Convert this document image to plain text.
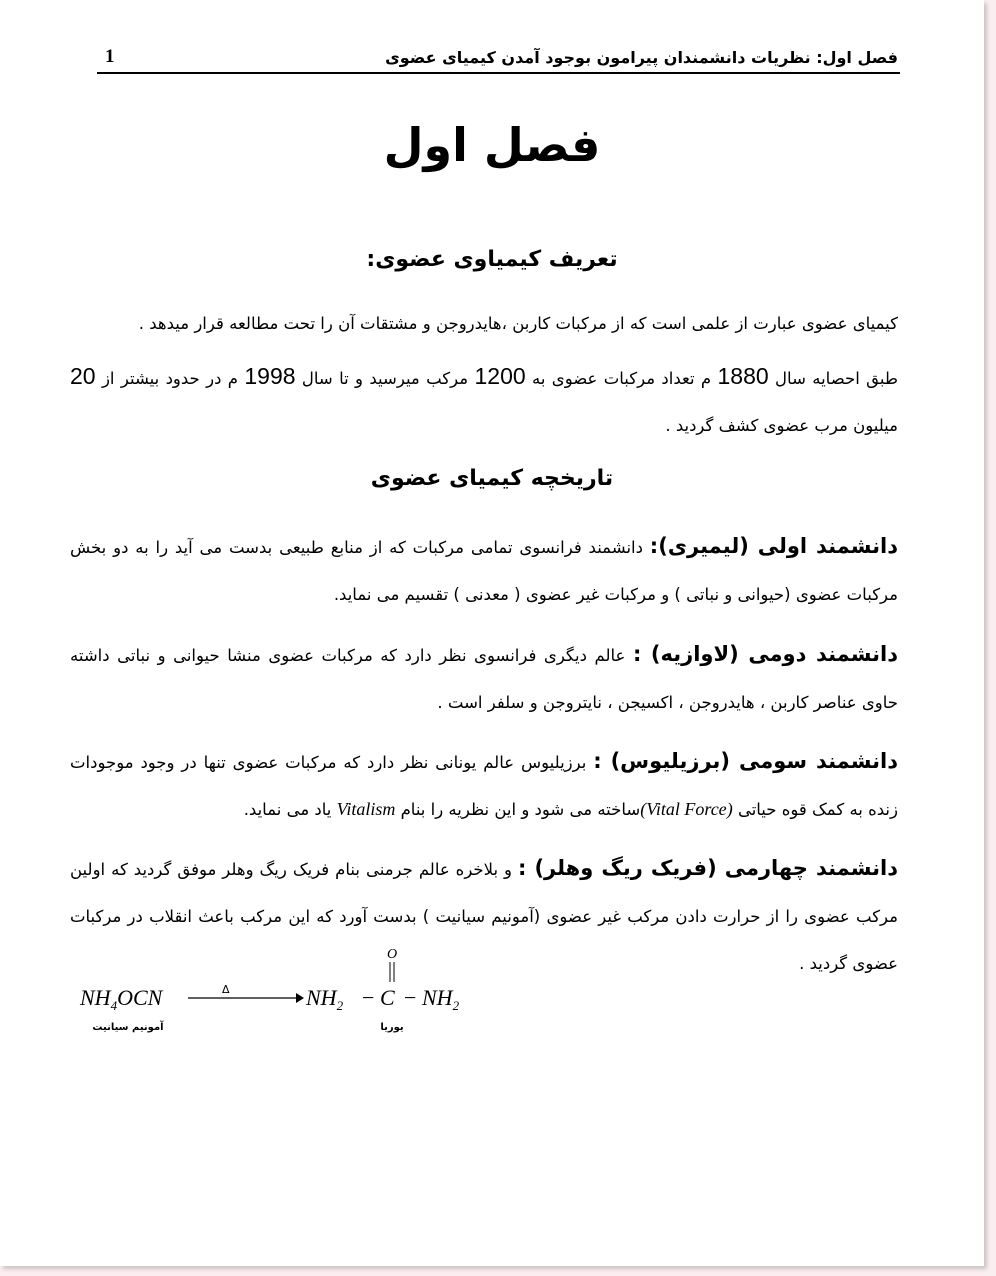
فصل اول: نظریات دانشمندان پیرامون بوجود آمدن کیمیای عضوی
1
فصل اول
تعریف کیمیاوی عضوی:
کیمیای عضوی عبارت از علمی است که از مرکبات کاربن ،هایدروجن و مشتقات آن را تحت مطالعه قرار میدهد .
طبق احصایه سال 1880 م تعداد مرکبات عضوی به 1200 مرکب میرسید و تا سال 1998 م در حدود بیشتر از 20 میلیون مرب عضوی کشف گردید .
تاریخچه کیمیای عضوی
دانشمند اولی (لیمیری): دانشمند فرانسوی تمامی مرکبات که از منابع طبیعی بدست می آید را به دو بخش مرکبات عضوی (حیوانی و نباتی ) و مرکبات غیر عضوی ( معدنی ) تقسیم می نماید.
دانشمند دومی (لاوازیه) : عالم دیگری فرانسوی نظر دارد که مرکبات عضوی منشا حیوانی و نباتی داشته حاوی عناصر کاربن ، هایدروجن ، اکسیجن ، نایتروجن و سلفر است .
دانشمند سومی (برزیلیوس) : برزیلیوس عالم یونانی نظر دارد که مرکبات عضوی تنها در وجود موجودات زنده به کمک قوه حیاتی (Vital Force)ساخته می شود و این نظریه را بنام Vitalism یاد می نماید.
دانشمند چهارمی (فریک ریگ وهلر) : و بلاخره عالم جرمنی بنام فریک ریگ وهلر موفق گردید که اولین مرکب عضوی را از حرارت دادن مرکب غیر عضوی (آمونیم سیانیت ) بدست آورد که این مرکب باعث انقلاب در مرکبات عضوی گردید .
$NH_4OCN$	Δ	$NH_2 - C - NH_2$
O
آمونیم سیانیت	یوریا
